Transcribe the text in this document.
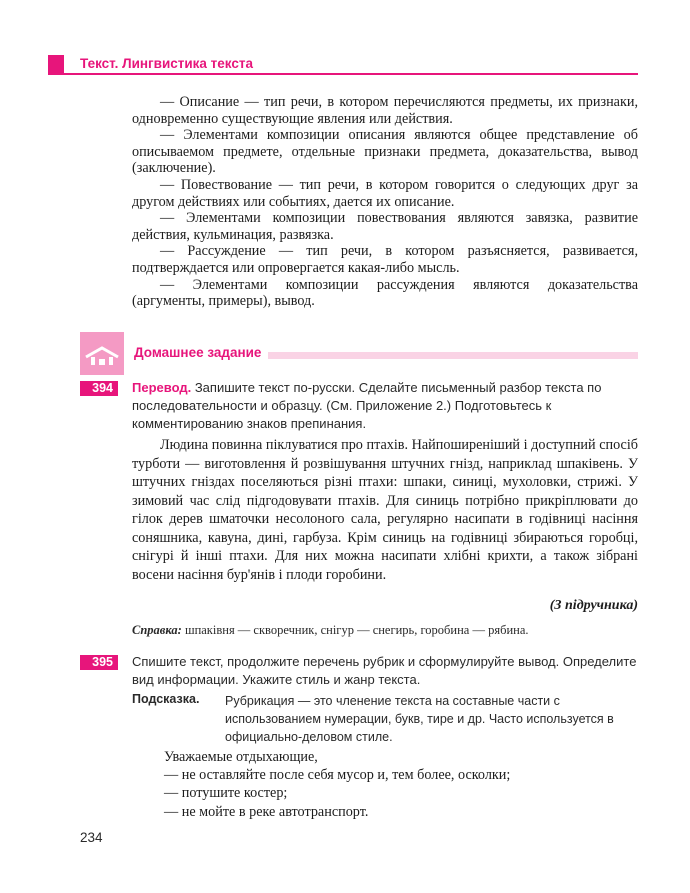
Текст. Лингвистика текста

— Описание — тип речи, в котором перечисляются предметы, их признаки, одновременно существующие явления или действия.

— Элементами композиции описания являются общее представление об описываемом предмете, отдельные признаки предмета, доказательства, вывод (заключение).

— Повествование — тип речи, в котором говорится о следующих друг за другом действиях или событиях, дается их описание.

— Элементами композиции повествования являются завязка, развитие действия, кульминация, развязка.

— Рассуждение — тип речи, в котором разъясняется, развивается, подтверждается или опровергается какая-либо мысль.

— Элементами композиции рассуждения являются доказательства (аргументы, примеры), вывод.

Домашнее задание
394	Перевод. Запишите текст по-русски. Сделайте письменный разбор текста по последовательности и образцу. (См. Приложение 2.) Подготовьтесь к комментированию знаков препинания.

Людина повинна піклуватися про птахів. Найпоширеніший і доступний спосіб турботи — виготовлення й розвішування штучних гнізд, наприклад шпаківень. У штучних гніздах поселяються різні птахи: шпаки, синиці, мухоловки, стрижі. У зимовий час слід підгодовувати птахів. Для синиць потрібно прикріплювати до гілок дерев шматочки несолоного сала, регулярно насипати в годівниці насіння соняшника, кавуна, дині, гарбуза. Крім синиць на годівниці збираються горобці, снігурі й інші птахи. Для них можна насипати хлібні крихти, а також зібрані восени насіння бур'янів і плоди горобини.

(З підручника)
Справка: шпаківня — скворечник, снігур — снегирь, горобина — рябина.
395	Спишите текст, продолжите перечень рубрик и сформулируйте вывод. Определите вид информации. Укажите стиль и жанр текста.
Подсказка. Рубрикация — это членение текста на составные части с использованием нумерации, букв, тире и др. Часто используется в официально-деловом стиле.
Уважаемые отдыхающие,
— не оставляйте после себя мусор и, тем более, осколки;
— потушите костер;
— не мойте в реке автотранспорт.
234
